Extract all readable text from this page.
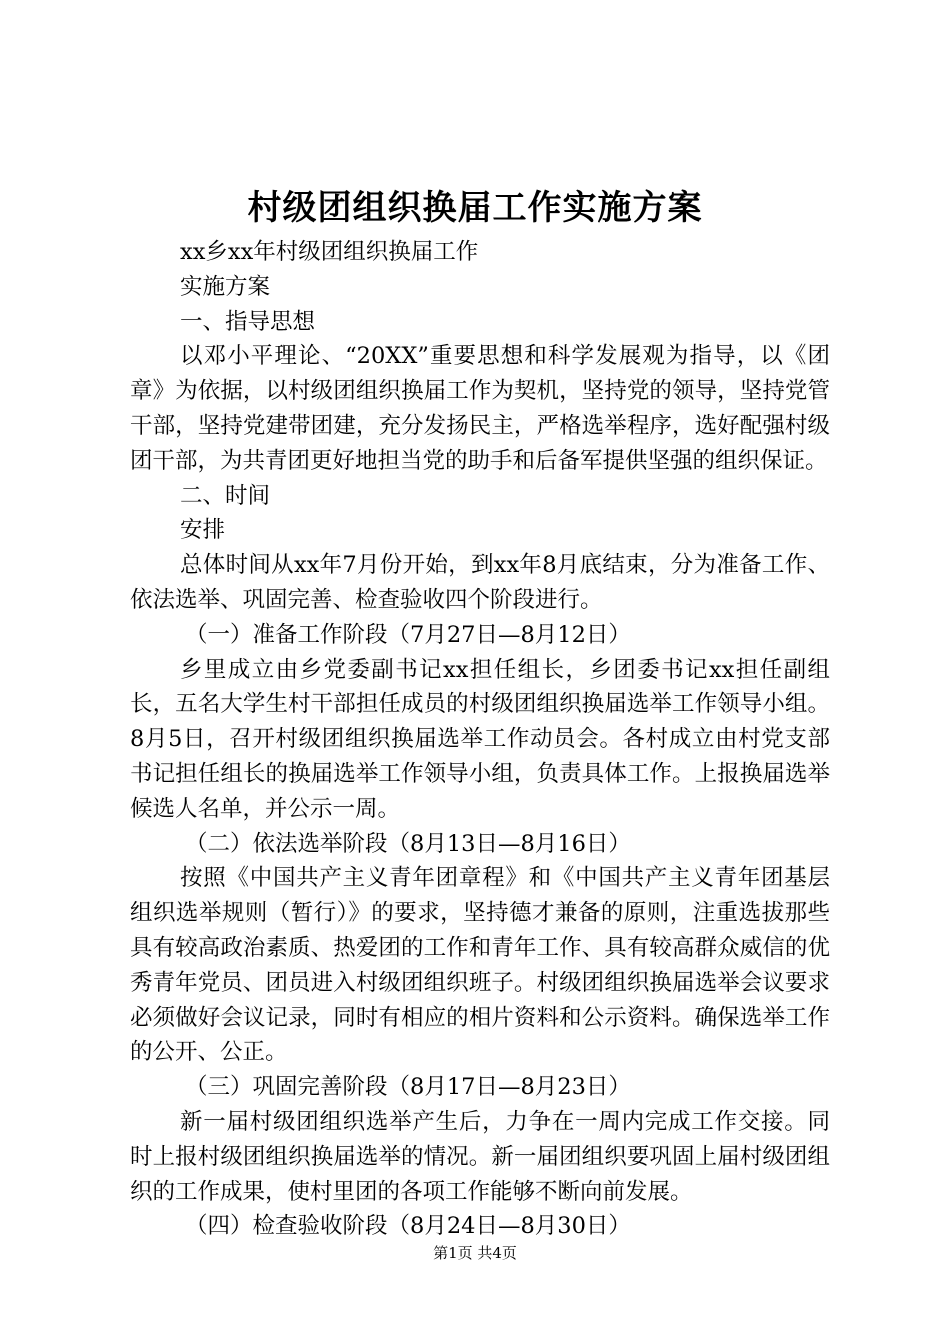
村级团组织换届工作实施方案

xx乡xx年村级团组织换届工作

实施方案

一、指导思想

以邓小平理论、“20XX”重要思想和科学发展观为指导，以《团章》为依据，以村级团组织换届工作为契机，坚持党的领导，坚持党管干部，坚持党建带团建，充分发扬民主，严格选举程序，选好配强村级团干部，为共青团更好地担当党的助手和后备军提供坚强的组织保证。

二、时间

安排

总体时间从xx年7月份开始，到xx年8月底结束，分为准备工作、依法选举、巩固完善、检查验收四个阶段进行。

（一）准备工作阶段（7月27日—8月12日）

乡里成立由乡党委副书记xx担任组长，乡团委书记xx担任副组长，五名大学生村干部担任成员的村级团组织换届选举工作领导小组。8月5日，召开村级团组织换届选举工作动员会。各村成立由村党支部书记担任组长的换届选举工作领导小组，负责具体工作。上报换届选举候选人名单，并公示一周。

（二）依法选举阶段（8月13日—8月16日）

按照《中国共产主义青年团章程》和《中国共产主义青年团基层组织选举规则（暂行）》的要求，坚持德才兼备的原则，注重选拔那些具有较高政治素质、热爱团的工作和青年工作、具有较高群众威信的优秀青年党员、团员进入村级团组织班子。村级团组织换届选举会议要求必须做好会议记录，同时有相应的相片资料和公示资料。确保选举工作的公开、公正。

（三）巩固完善阶段（8月17日—8月23日）

新一届村级团组织选举产生后，力争在一周内完成工作交接。同时上报村级团组织换届选举的情况。新一届团组织要巩固上届村级团组织的工作成果，使村里团的各项工作能够不断向前发展。

（四）检查验收阶段（8月24日—8月30日）

第1页 共4页
